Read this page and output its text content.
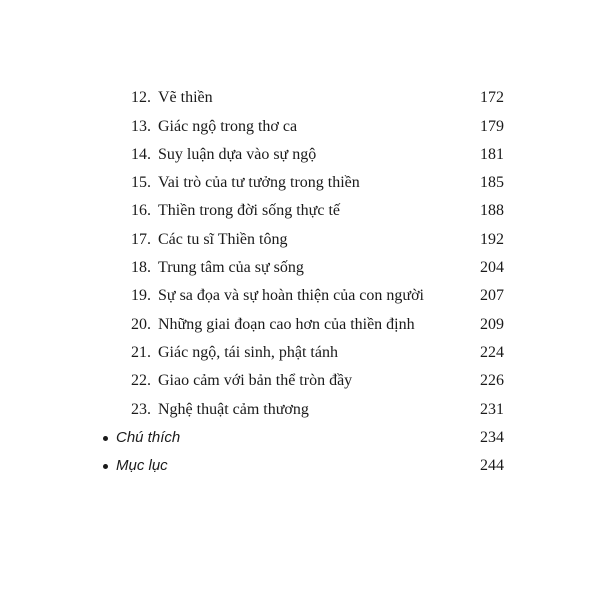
12. Vẽ thiền	172
13. Giác ngộ trong thơ ca	179
14. Suy luận dựa vào sự ngộ	181
15. Vai trò của tư tưởng trong thiền	185
16. Thiền trong đời sống thực tế	188
17. Các tu sĩ Thiền tông	192
18. Trung tâm của sự sống	204
19. Sự sa đọa và sự hoàn thiện của con người	207
20. Những giai đoạn cao hơn của thiền định	209
21. Giác ngộ, tái sinh, phật tánh	224
22. Giao cảm với bản thể tròn đầy	226
23. Nghệ thuật cảm thương	231
Chú thích	234
Mục lục	244
